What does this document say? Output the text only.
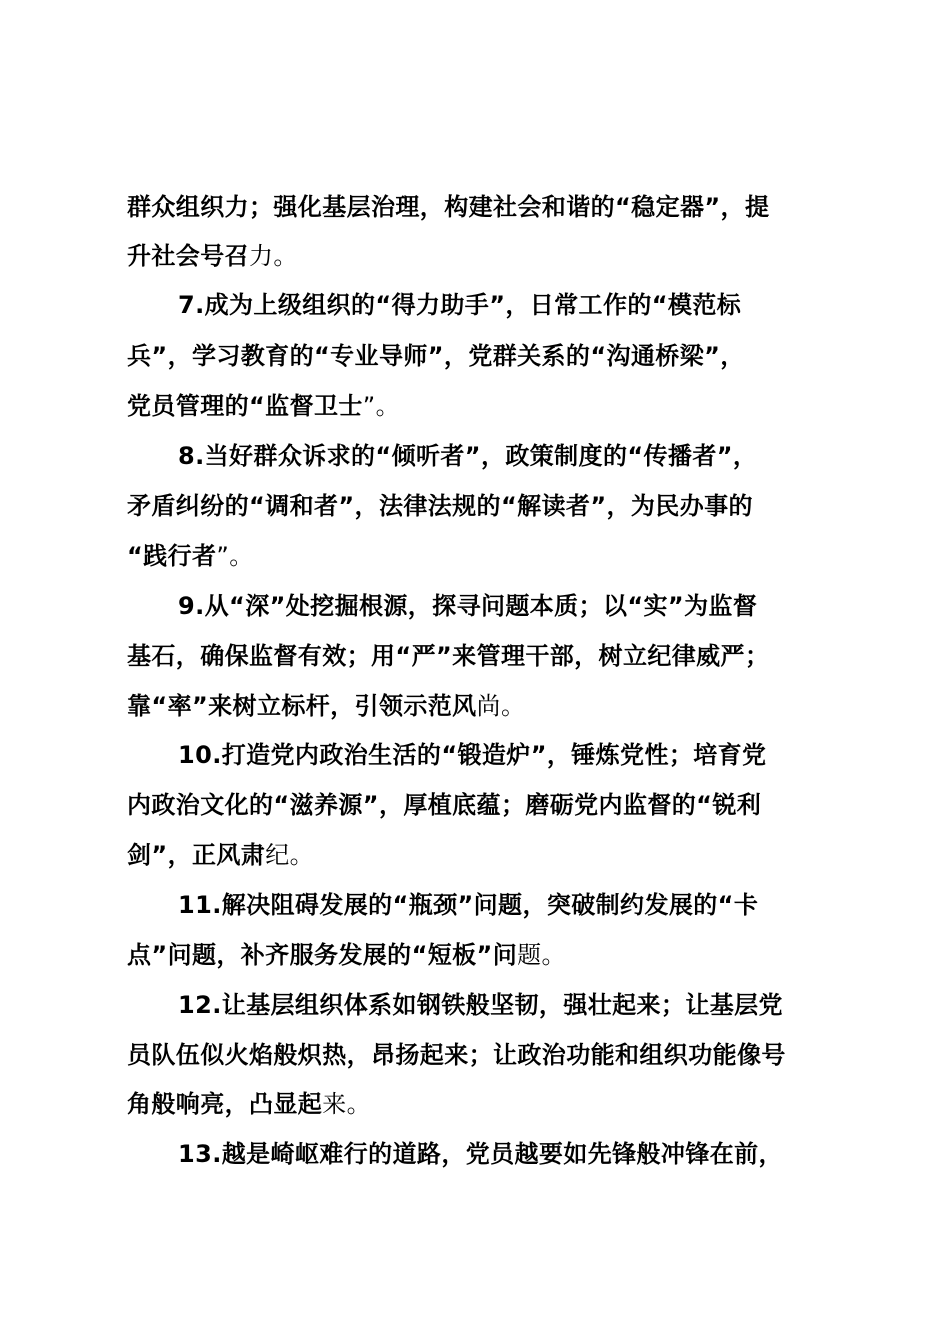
群众组织力；强化基层治理，构建社会和谐的“稳定器”，提
升社会号召力。
7.成为上级组织的“得力助手”，日常工作的“模范标
兵”，学习教育的“专业导师”，党群关系的“沟通桥梁”，
党员管理的“监督卫士”。
8.当好群众诉求的“倾听者”，政策制度的“传播者”，
矛盾纠纷的“调和者”，法律法规的“解读者”，为民办事的
“践行者”。
9.从“深”处挖掘根源，探寻问题本质；以“实”为监督
基石，确保监督有效；用“严”来管理干部，树立纪律威严；
靠“率”来树立标杆，引领示范风尚。
10.打造党内政治生活的“锻造炉”，锤炼党性；培育党
内政治文化的“滋养源”，厚植底蕴；磨砺党内监督的“锐利
剑”，正风肃纪。
11.解决阻碍发展的“瓶颈”问题，突破制约发展的“卡
点”问题，补齐服务发展的“短板”问题。
12.让基层组织体系如钢铁般坚韧，强壮起来；让基层党
员队伍似火焰般炽热，昂扬起来；让政治功能和组织功能像号
角般响亮，凸显起来。
13.越是崎岖难行的道路，党员越要如先锋般冲锋在前，
